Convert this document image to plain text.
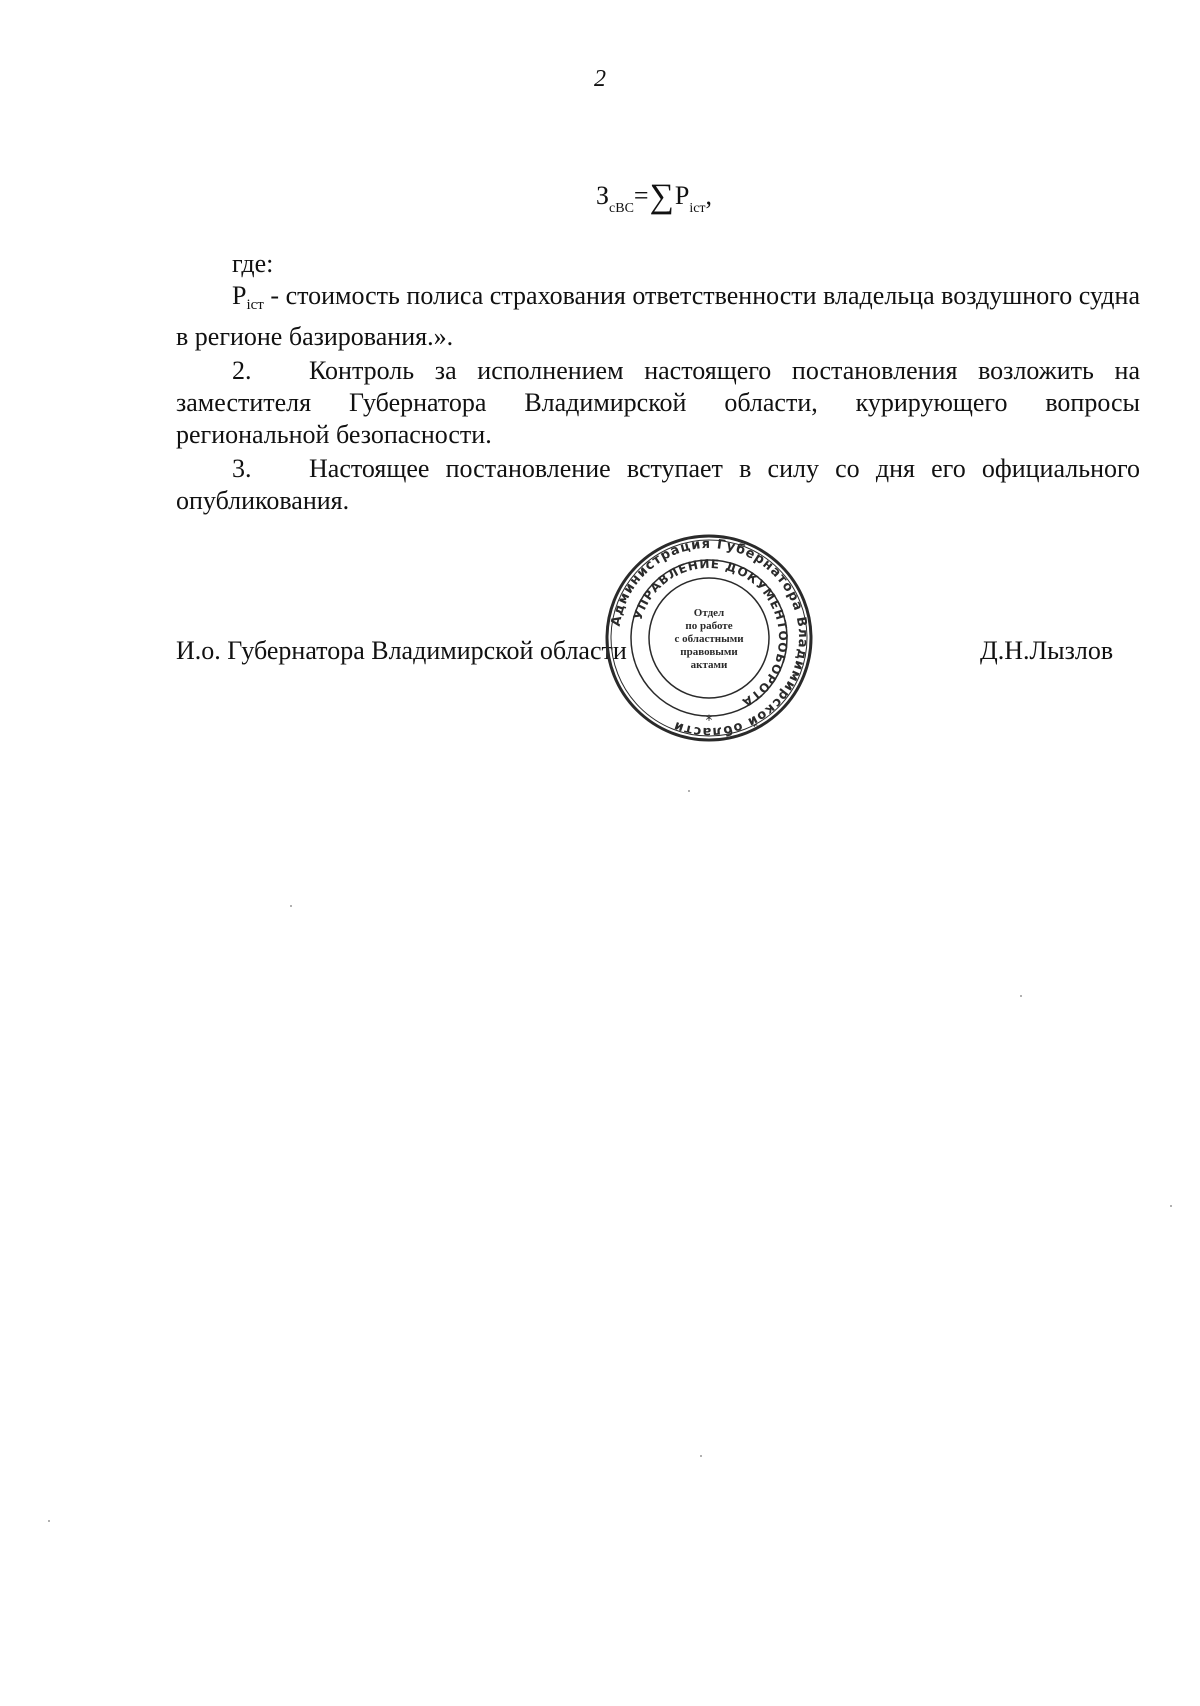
2
$З_{сВС}=\sum P_{icт}$,

где:

Picт - стоимость полиса страхования ответственности владельца воздушного судна в регионе базирования.».

2. Контроль за исполнением настоящего постановления возложить на заместителя Губернатора Владимирской области, курирующего вопросы региональной безопасности.

3. Настоящее постановление вступает в силу со дня его официального опубликования.

И.о. Губернатора Владимирской области	Д.Н.Лызлов
Администрация Губернатора Владимирской области
УПРАВЛЕНИЕ ДОКУМЕНТООБОРОТА
Отдел
по работе
с областными
правовыми
актами
*
